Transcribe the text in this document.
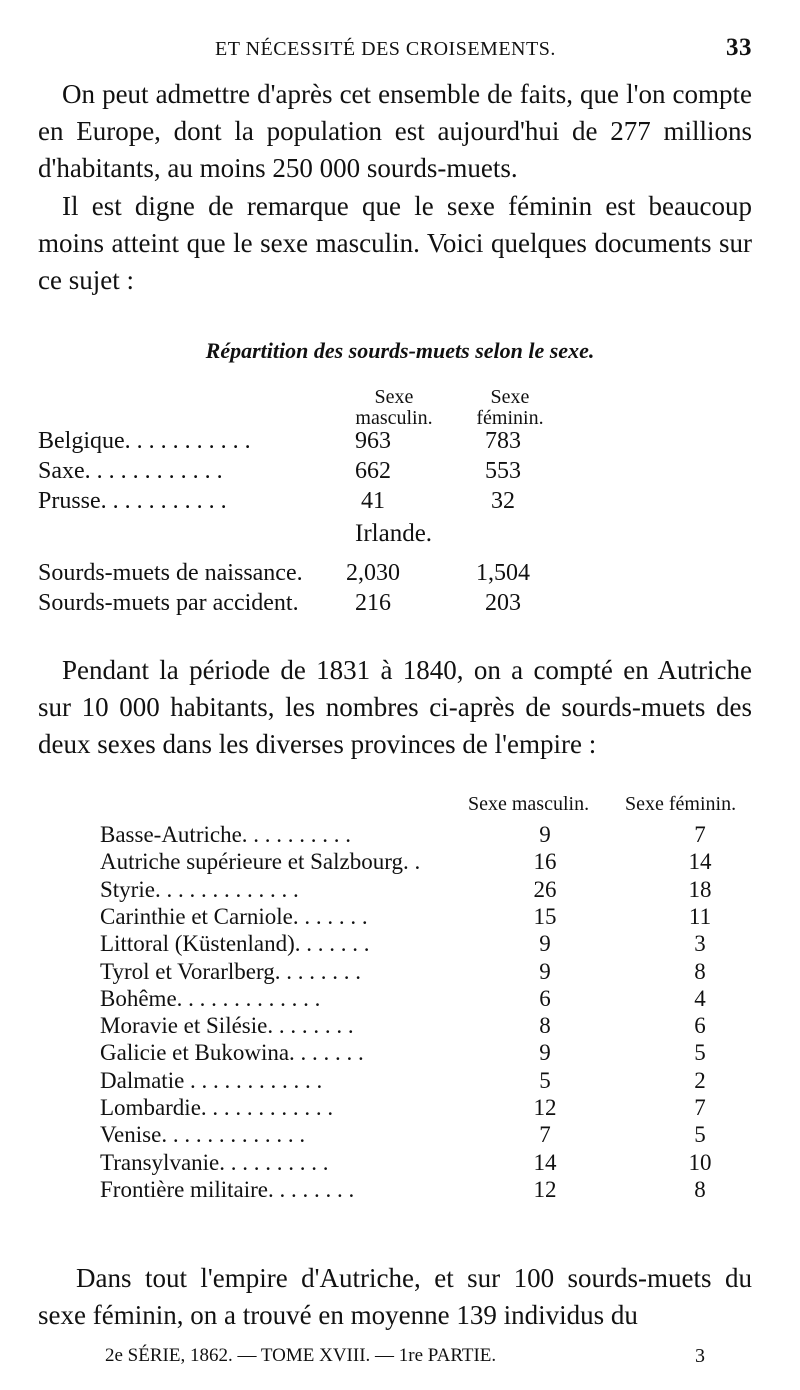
ET NÉCESSITÉ DES CROISEMENTS.	33

On peut admettre d'après cet ensemble de faits, que l'on compte en Europe, dont la population est aujourd'hui de 277 millions d'habitants, au moins 250 000 sourds-muets.

Il est digne de remarque que le sexe féminin est beaucoup moins atteint que le sexe masculin. Voici quelques documents sur ce sujet :

Répartition des sourds-muets selon le sexe.
Sexe
masculin.
Sexe
féminin.
Belgique. . . . . . . . . . .	963	783
Saxe. . . . . . . . . . . .	662	553
Prusse. . . . . . . . . . .	41	32
Irlande.
Sourds-muets de naissance.	2,030	1,504
Sourds-muets par accident.	216	203

Pendant la période de 1831 à 1840, on a compté en Autriche sur 10 000 habitants, les nombres ci-après de sourds-muets des deux sexes dans les diverses provinces de l'empire :

Sexe masculin. Sexe féminin.
Basse-Autriche. . . . . . . . . .	9	7
Autriche supérieure et Salzbourg. .	16	14
Styrie. . . . . . . . . . . . .	26	18
Carinthie et Carniole. . . . . . .	15	11
Littoral (Küstenland). . . . . . .	9	3
Tyrol et Vorarlberg. . . . . . . .	9	8
Bohême. . . . . . . . . . . . .	6	4
Moravie et Silésie. . . . . . . .	8	6
Galicie et Bukowina. . . . . . .	9	5
Dalmatie . . . . . . . . . . . .	5	2
Lombardie. . . . . . . . . . . .	12	7
Venise. . . . . . . . . . . . .	7	5
Transylvanie. . . . . . . . . .	14	10
Frontière militaire. . . . . . . .	12	8

Dans tout l'empire d'Autriche, et sur 100 sourds-muets du sexe féminin, on a trouvé en moyenne 139 individus du

2e SÉRIE, 1862. — TOME XVIII. — 1re PARTIE.	3
